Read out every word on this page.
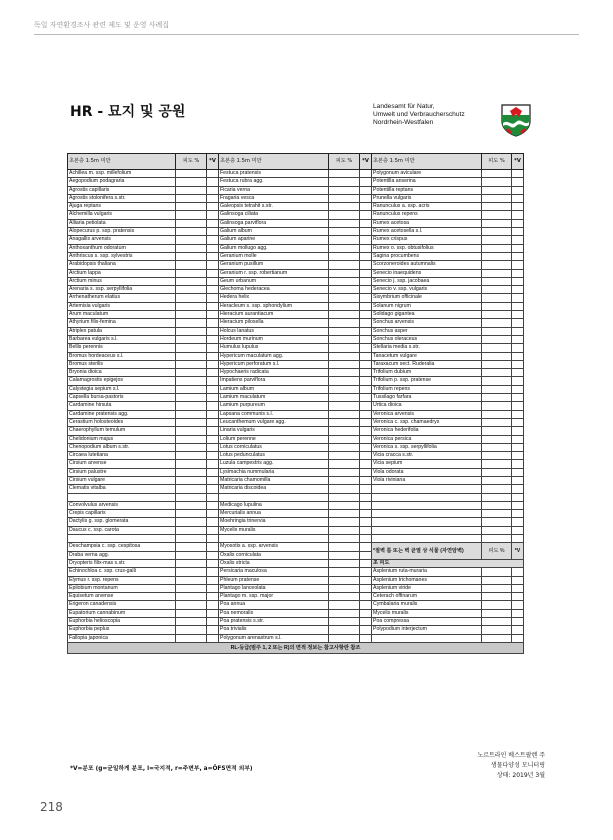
독일 자연환경조사 관련 제도 및 운영 사례집
HR - 묘지 및 공원	Landesamt für Natur,
Umwelt und Verbraucherschutz
Nordrhein-Westfalen
초본층 1.5m 미만	피도 %	*V	초본층 1.5m 미만	피도 %	*V	초본층 1.5m 미만	피도 %	*V
Achillea m. ssp. millefolium			Festuca pratensis			Polygonum aviculare		
Aegopodium podagraria			Festuca rubra agg.			Potentilla anserina		
Agrostis capillaris			Ficaria verna			Potentilla reptans		
Agrostis stolonifera s.str.			Fragaria vesca			Prunella vulgaris		
Ajuga reptans			Galeopsis tetrahit s.str.			Ranunculus a. ssp. acris		
Alchemilla vulgaris			Galinsoga ciliata			Ranunculus repens		
Alliaria petiolata			Galinsoga parviflora			Rumex acetosa		
Alopecurus p. ssp. pratensis			Galium album			Rumex acetosella s.l.		
Anagallis arvensis			Galium aparine			Rumex crispus		
Anthoxanthum odoratum			Galium mollugo agg.			Rumex o. ssp. obtusifolius		
Anthriscus s. ssp. sylvestris			Geranium molle			Sagina procumbens		
Arabidopsis thaliana			Geranium pusillum			Scorzoneroides autumnalis		
Arctium lappa			Geranium r. ssp. robertianum			Senecio inaequidens		
Arctium minus			Geum urbanum			Senecio j. ssp. jacobaea		
Arenaria s. ssp. serpyllifolia			Glechoma hederacea			Senecio v. ssp. vulgaris		
Arrhenatherum elatius			Hedera helix			Sisymbrium officinale		
Artemisia vulgaris			Heracleum s. ssp. sphondylium			Solanum nigrum		
Arum maculatum			Hieracium aurantiacum			Solidago gigantea		
Athyrium filix-femina			Hieracium pilosella			Sonchus arvensis		
Atriplex patula			Holcus lanatus			Sonchus asper		
Barbarea vulgaris s.l.			Hordeum murinum			Sonchus oleraceus		
Bellis perennis			Humulus lupulus			Stellaria media s.str.		
Bromus hordeaceus s.l.			Hypericum maculatum agg.			Tanacetum vulgare		
Bromus sterilis			Hypericum perforatum s.l.			Taraxacum sect. Ruderalia		
Bryonia dioica			Hypochaeris radicata			Trifolium dubium		
Calamagrostis epigejos			Impatiens parviflora			Trifolium p. ssp. pratense		
Calystegia sepium s.l.			Lamium album			Trifolium repens		
Capsella bursa-pastoris			Lamium maculatum			Tussilago farfara		
Cardamine hirsuta			Lamium purpureum			Urtica dioica		
Cardamine pratensis agg.			Lapsana communis s.l.			Veronica arvensis		
Cerastium holosteoides			Leucanthemum vulgare agg.			Veronica c. ssp. chamaedrys		
Chaerophyllum temulum			Linaria vulgaris			Veronica hederifolia		
Chelidonium majus			Lolium perenne			Veronica persica		
Chenopodium album s.str.			Lotus corniculatus			Veronica s. ssp. serpyllifolia		
Circaea lutetiana			Lotus pedunculatus			Vicia cracca s.str.		
Cirsium arvense			Luzula campestris agg.			Vicia sepium		
Cirsium palustre			Lysimachia nummularia			Viola odorata		
Cirsium vulgare			Matricaria chamomilla			Viola riviniana		
Clematis vitalba			Matricaria discoidea					

Convolvulus arvensis			Medicago lupulina					
Crepis capillaris			Mercurialis annua					
Dactylis g. ssp. glomerata			Moehringia trinervia					
Daucus c. ssp. carota			Mycelis muralis					

Deschampsia c. ssp. cespitosa			Myosotis a. ssp. arvensis			*절벽 틈 또는 벽 균열 상 식물 (자연암벽)	피도 %	*V
Draba verna agg.			Oxalis corniculata					
Dryopteris filix-mas s.str.			Oxalis stricta			초 피도		
Echinochloa c. ssp. crus-galli			Persicaria maculosa			Asplenium ruta-muraria		
Elymus r. ssp. repens			Phleum pratense			Asplenium trichomanes		
Epilobium montanum			Plantago lanceolata			Asplenium viride		
Equisetum arvense			Plantago m. ssp. major			Ceterach offinarum		
Erigeron canadensis			Poa annua			Cymbalaria muralis		
Eupatorium cannabinum			Poa nemoralis			Mycelis muralis		
Euphorbia helioscopia			Poa pratensis s.str.			Poa compressa		
Euphorbia peplus			Poa trivialis			Polypodium interjectum		
Fallopia japonica			Polygonum arenastrum s.l.					
RL-등급(범주 1, 2 또는 R)의 면적 정보는 참고사항란 참조								
*V=분포 (g=균일하게 분포, l=국지적, r=주변부, a=ÖFS면적 외부)
노르트라인 베스트팔렌 주
생물다양성 모니터링
상태: 2019년 3월
218
